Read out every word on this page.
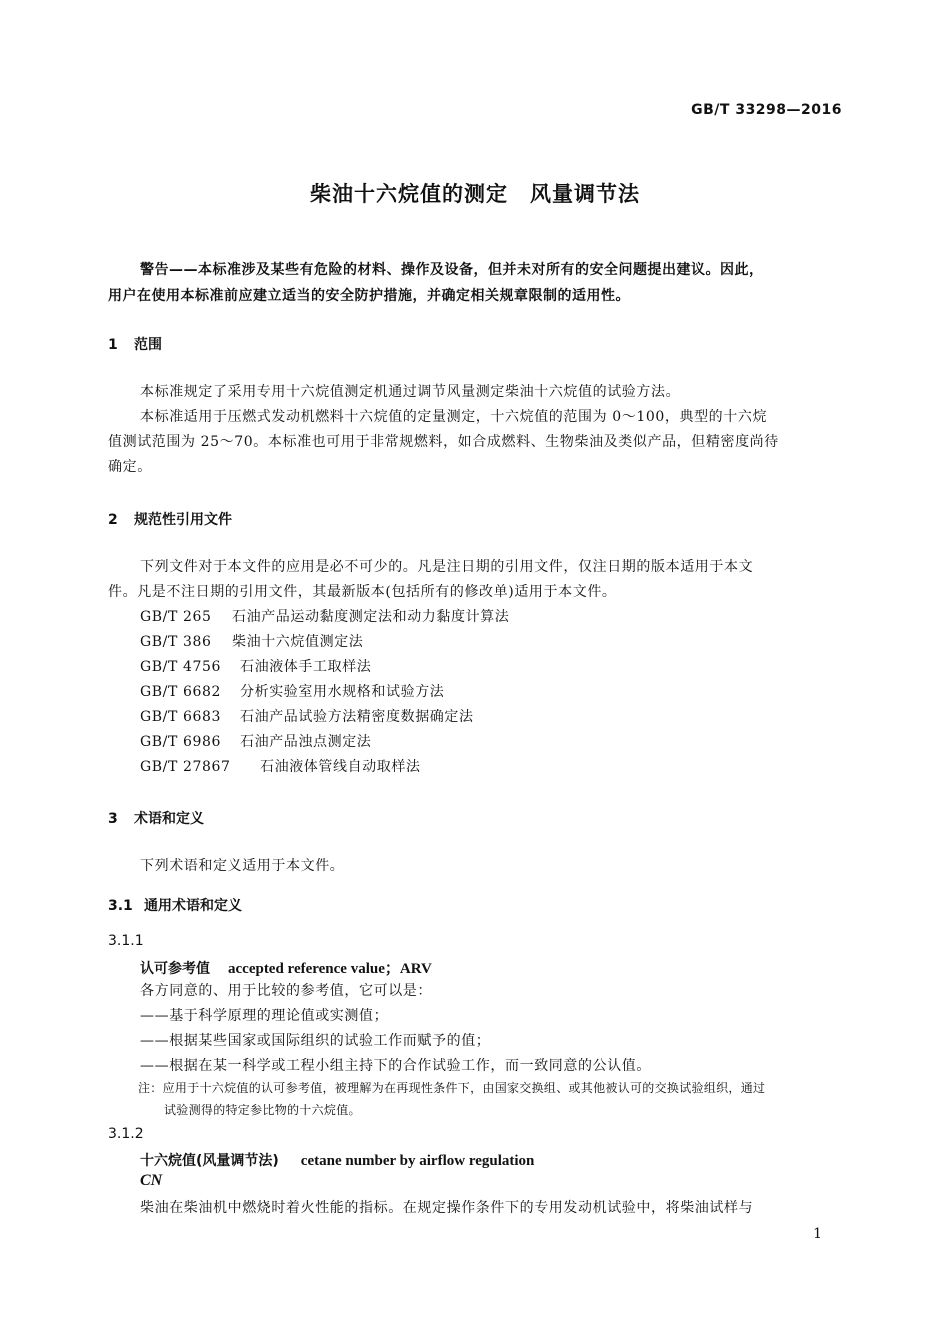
GB/T 33298—2016
柴油十六烷值的测定　风量调节法
警告——本标准涉及某些有危险的材料、操作及设备，但并未对所有的安全问题提出建议。因此，
用户在使用本标准前应建立适当的安全防护措施，并确定相关规章限制的适用性。
1 范围
本标准规定了采用专用十六烷值测定机通过调节风量测定柴油十六烷值的试验方法。
本标准适用于压燃式发动机燃料十六烷值的定量测定，十六烷值的范围为 0～100，典型的十六烷
值测试范围为 25～70。本标准也可用于非常规燃料，如合成燃料、生物柴油及类似产品，但精密度尚待
确定。
2 规范性引用文件
下列文件对于本文件的应用是必不可少的。凡是注日期的引用文件，仅注日期的版本适用于本文
件。凡是不注日期的引用文件，其最新版本(包括所有的修改单)适用于本文件。
GB/T 265 石油产品运动黏度测定法和动力黏度计算法
GB/T 386 柴油十六烷值测定法
GB/T 4756 石油液体手工取样法
GB/T 6682 分析实验室用水规格和试验方法
GB/T 6683 石油产品试验方法精密度数据确定法
GB/T 6986 石油产品浊点测定法
GB/T 27867 石油液体管线自动取样法
3 术语和定义
下列术语和定义适用于本文件。
3.1 通用术语和定义
3.1.1
认可参考值 accepted reference value；ARV
各方同意的、用于比较的参考值，它可以是：
——基于科学原理的理论值或实测值；
——根据某些国家或国际组织的试验工作而赋予的值；
——根据在某一科学或工程小组主持下的合作试验工作，而一致同意的公认值。
注：应用于十六烷值的认可参考值，被理解为在再现性条件下，由国家交换组、或其他被认可的交换试验组织，通过
试验测得的特定参比物的十六烷值。
3.1.2
十六烷值(风量调节法) cetane number by airflow regulation
CN
柴油在柴油机中燃烧时着火性能的指标。在规定操作条件下的专用发动机试验中，将柴油试样与
1
